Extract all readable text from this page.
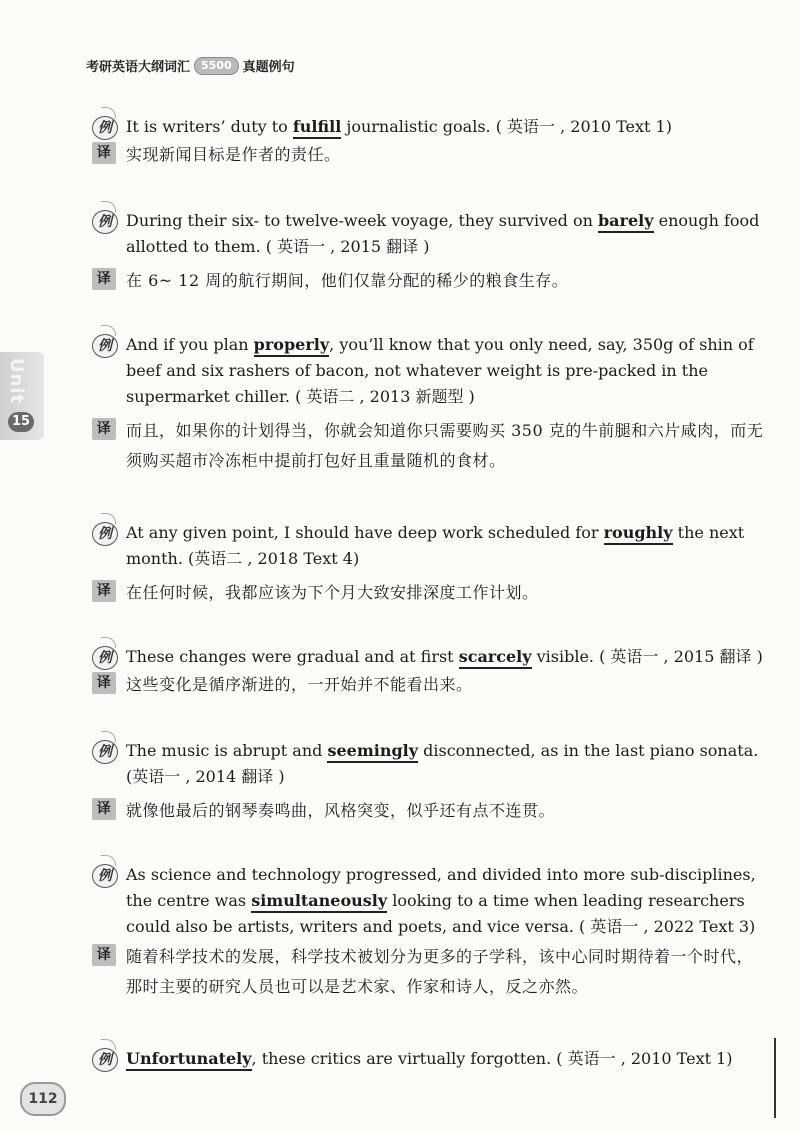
考研英语大纲词汇	5500 真题例句
Unit
15
例 It is writers’ duty to fulfill journalistic goals. ( 英语一 , 2010 Text 1)
译 实现新闻目标是作者的责任。
例 During their six- to twelve-week voyage, they survived on barely enough food allotted to them. ( 英语一 , 2015 翻译 )
译 在 6~ 12 周的航行期间，他们仅靠分配的稀少的粮食生存。
例 And if you plan properly, you’ll know that you only need, say, 350g of shin of beef and six rashers of bacon, not whatever weight is pre-packed in the supermarket chiller. ( 英语二 , 2013 新题型 )
译 而且，如果你的计划得当，你就会知道你只需要购买 350 克的牛前腿和六片咸肉，而无须购买超市冷冻柜中提前打包好且重量随机的食材。
例 At any given point, I should have deep work scheduled for roughly the next month. (英语二 , 2018 Text 4)
译 在任何时候，我都应该为下个月大致安排深度工作计划。
例 These changes were gradual and at first scarcely visible. ( 英语一 , 2015 翻译 )
译 这些变化是循序渐进的，一开始并不能看出来。
例 The music is abrupt and seemingly disconnected, as in the last piano sonata. (英语一 , 2014 翻译 )
译 就像他最后的钢琴奏鸣曲，风格突变，似乎还有点不连贯。
例 As science and technology progressed, and divided into more sub-disciplines, the centre was simultaneously looking to a time when leading researchers could also be artists, writers and poets, and vice versa. ( 英语一 , 2022 Text 3)
译 随着科学技术的发展，科学技术被划分为更多的子学科，该中心同时期待着一个时代，那时主要的研究人员也可以是艺术家、作家和诗人，反之亦然。
例 Unfortunately, these critics are virtually forgotten. ( 英语一 , 2010 Text 1)
112
